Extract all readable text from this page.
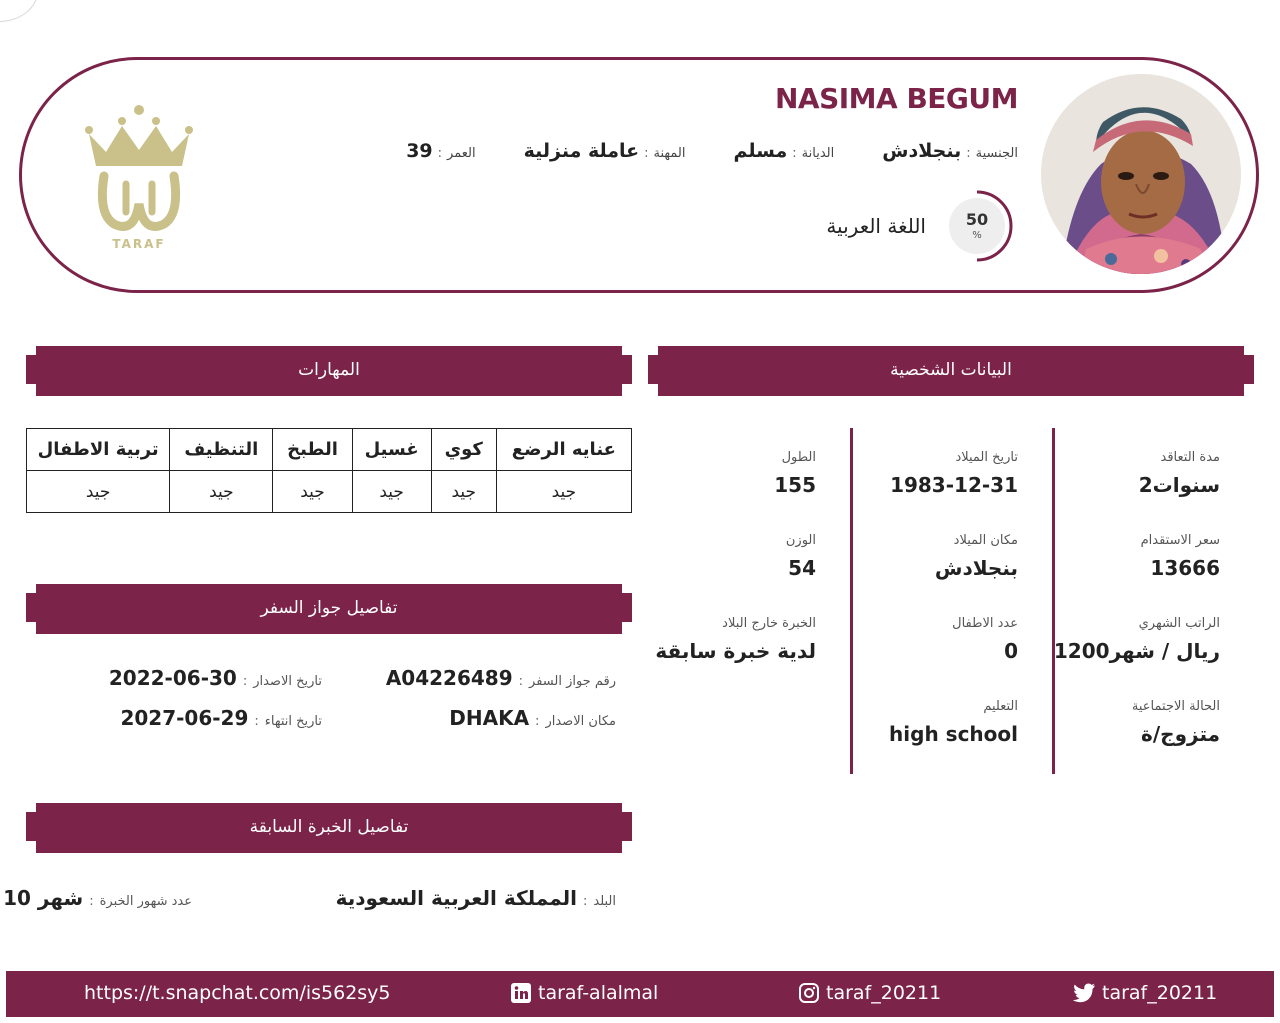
NASIMA BEGUM
الجنسية
:
بنجلادش
الديانة
:
مسلم
المهنة
:
عاملة منزلية
العمر
:
39
50
%
اللغة العربية
TARAF
المهارات	البيانات الشخصية
تفاصيل جواز السفر
تفاصيل الخبرة السابقة
مدة التعاقد
2سنوات
سعر الاستقدام
13666
الراتب الشهري
1200ريال / شهر
الحالة الاجتماعية
متزوج/ة
تاريخ الميلاد
1983-12-31
مكان الميلاد
بنجلادش
عدد الاطفال
0
التعليم
high school
الطول
155
الوزن
54
الخبرة خارج البلاد
لدية خبرة سابقة
عنايه الرضع	كوي	غسيل	الطبخ	التنظيف	تربية الاطفال
جيد	جيد	جيد	جيد	جيد	جيد
رقم جواز السفر
:
A04226489
تاريخ الاصدار
:
2022-06-30
مكان الاصدار
:
DHAKA
تاريخ انتهاء
:
2027-06-29
البلد
:
المملكة العربية السعودية
عدد شهور الخبرة
:
10 شهر
https://t.snapchat.com/is562sy5	taraf-alalmal	taraf_20211	taraf_20211
